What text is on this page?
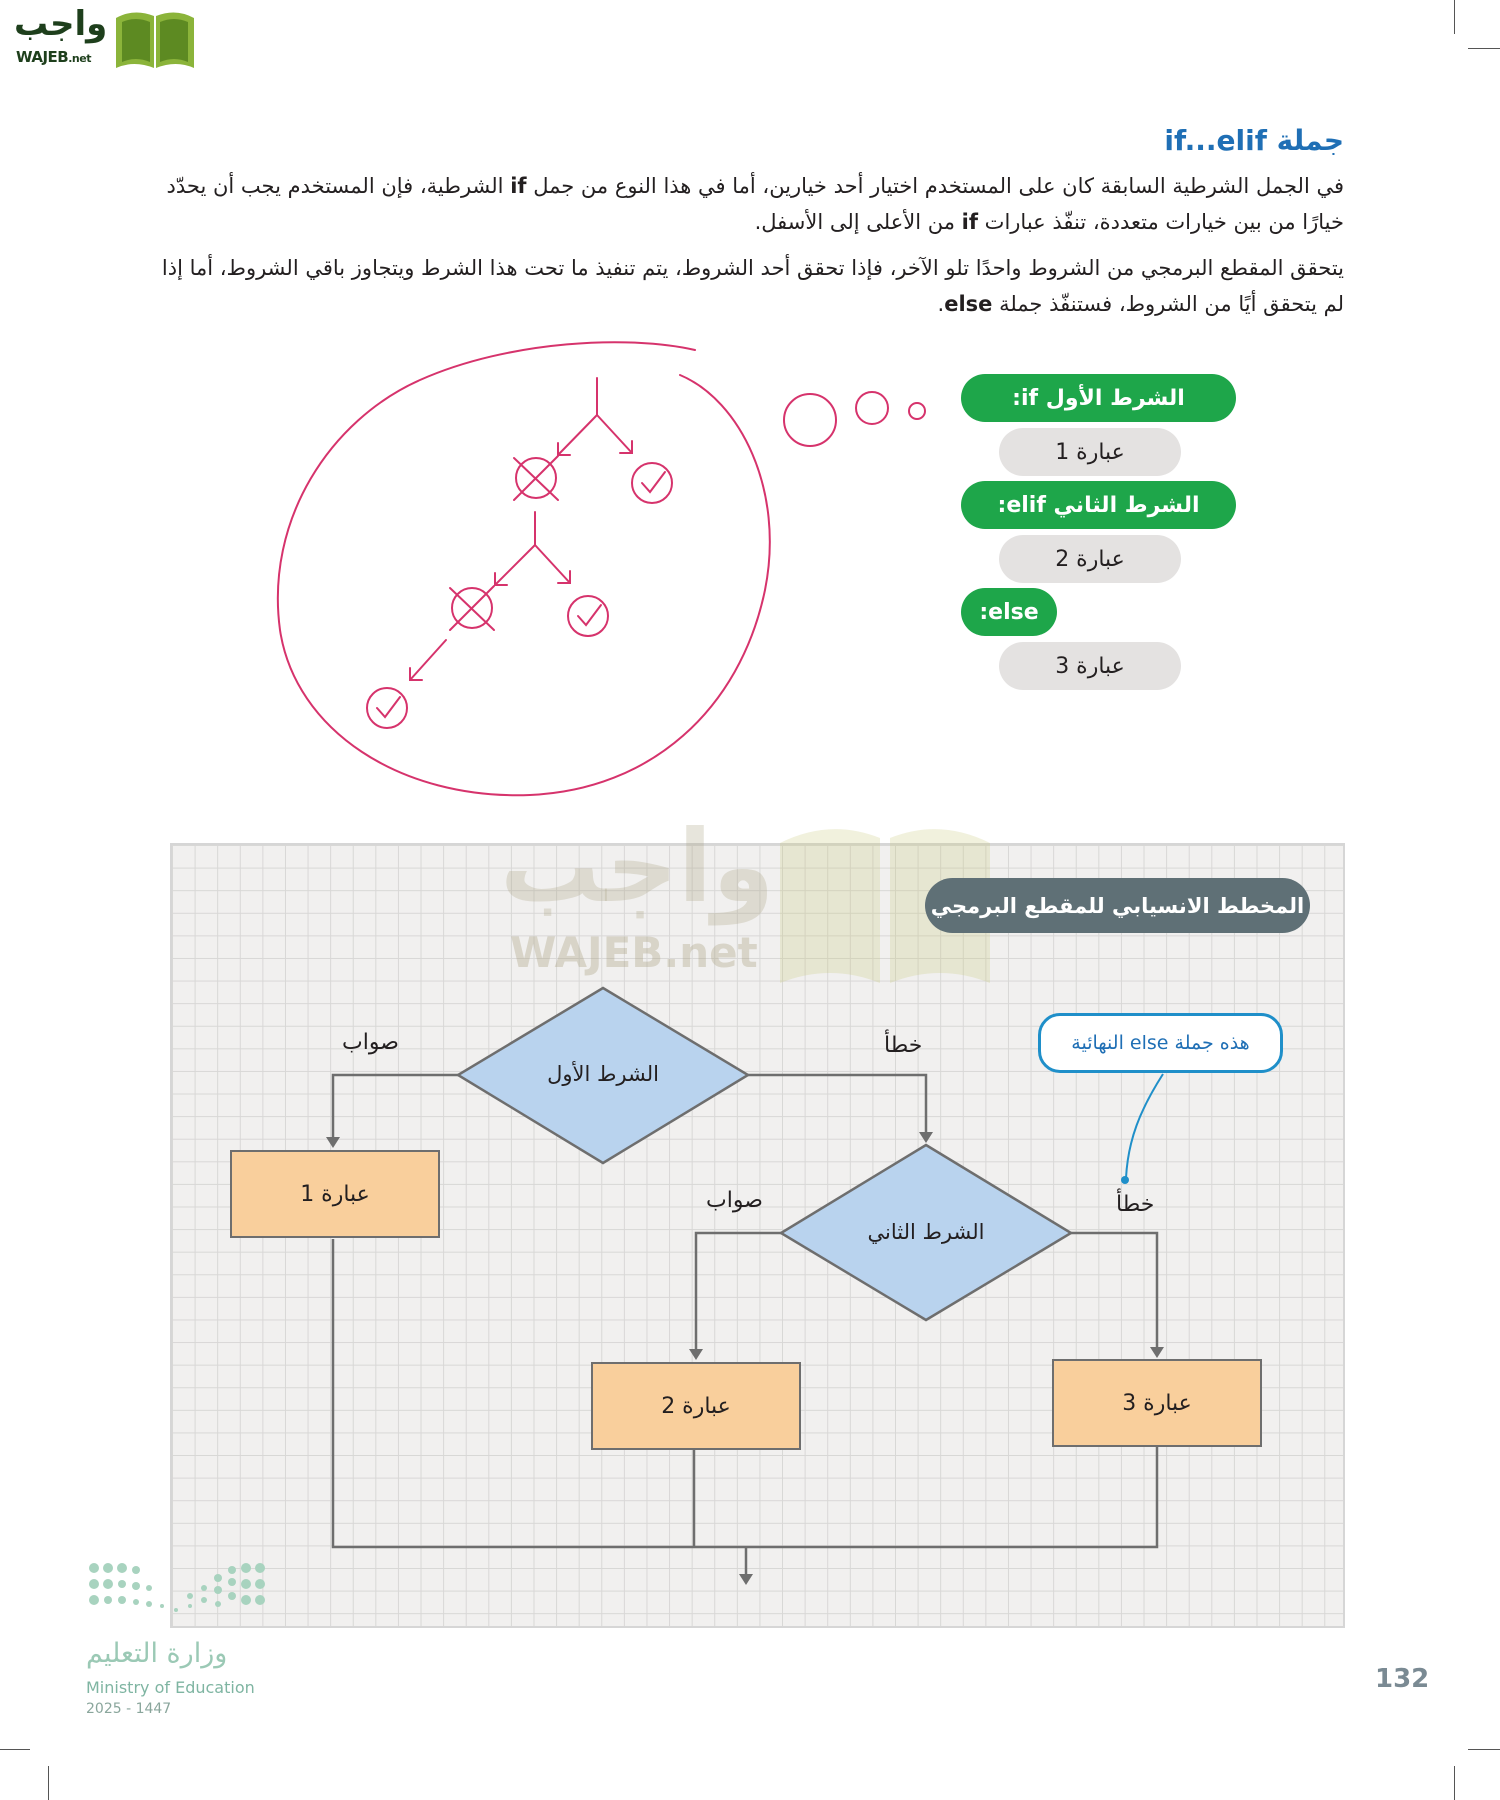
واجب
WAJEB.net
جملة if...elif
في الجمل الشرطية السابقة كان على المستخدم اختيار أحد خيارين، أما في هذا النوع من جمل if الشرطية، فإن المستخدم يجب أن يحدّد خيارًا من بين خيارات متعددة، تنفّذ عبارات if من الأعلى إلى الأسفل.
يتحقق المقطع البرمجي من الشروط واحدًا تلو الآخر، فإذا تحقق أحد الشروط، يتم تنفيذ ما تحت هذا الشرط ويتجاوز باقي الشروط، أما إذا لم يتحقق أيًا من الشروط، فستنفّذ جملة else.
الشرط الأول if:
عبارة 1
الشرط الثاني elif:
عبارة 2
else:
عبارة 3
واجب
WAJEB.net
المخطط الانسيابي للمقطع البرمجي
الشرط الأول
الشرط الثاني
صواب	خطأ
صواب	خطأ
عبارة 1
عبارة 2	عبارة 3
هذه جملة else النهائية
وزارة التعليم
Ministry of Education
2025 - 1447
132
